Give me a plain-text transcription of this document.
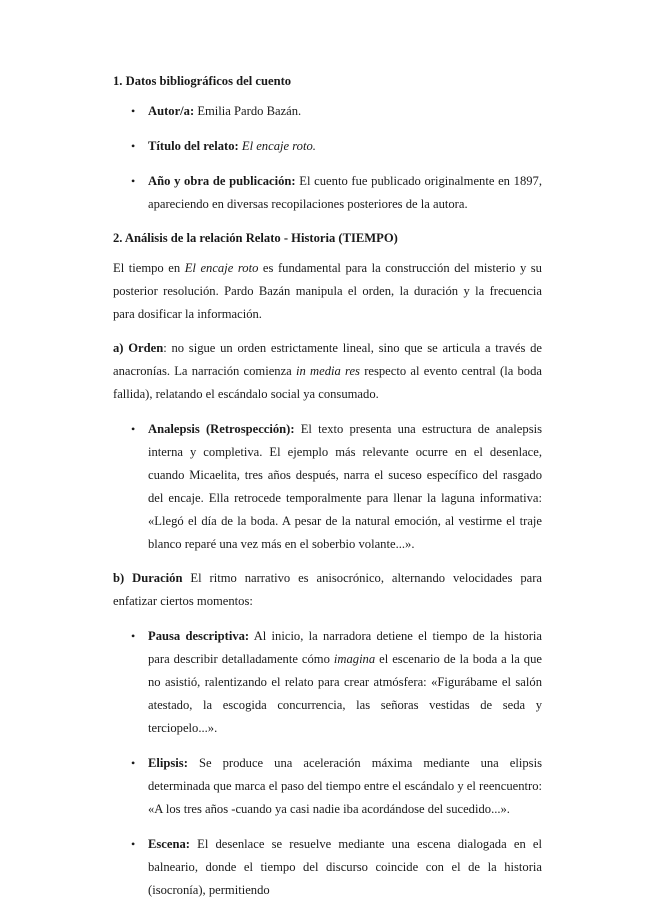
1. Datos bibliográficos del cuento
• Autor/a: Emilia Pardo Bazán.
• Título del relato: El encaje roto.
• Año y obra de publicación: El cuento fue publicado originalmente en 1897, apareciendo en diversas recopilaciones posteriores de la autora.
2. Análisis de la relación Relato - Historia (TIEMPO)

El tiempo en El encaje roto es fundamental para la construcción del misterio y su posterior resolución. Pardo Bazán manipula el orden, la duración y la frecuencia para dosificar la información.

a) Orden: no sigue un orden estrictamente lineal, sino que se articula a través de anacronías. La narración comienza in media res respecto al evento central (la boda fallida), relatando el escándalo social ya consumado.

• Analepsis (Retrospección): El texto presenta una estructura de analepsis interna y completiva. El ejemplo más relevante ocurre en el desenlace, cuando Micaelita, tres años después, narra el suceso específico del rasgado del encaje. Ella retrocede temporalmente para llenar la laguna informativa: «Llegó el día de la boda. A pesar de la natural emoción, al vestirme el traje blanco reparé una vez más en el soberbio volante...».

b) Duración El ritmo narrativo es anisocrónico, alternando velocidades para enfatizar ciertos momentos:

• Pausa descriptiva: Al inicio, la narradora detiene el tiempo de la historia para describir detalladamente cómo imagina el escenario de la boda a la que no asistió, ralentizando el relato para crear atmósfera: «Figurábame el salón atestado, la escogida concurrencia, las señoras vestidas de seda y terciopelo...».
• Elipsis: Se produce una aceleración máxima mediante una elipsis determinada que marca el paso del tiempo entre el escándalo y el reencuentro: «A los tres años -cuando ya casi nadie iba acordándose del sucedido...».
• Escena: El desenlace se resuelve mediante una escena dialogada en el balneario, donde el tiempo del discurso coincide con el de la historia (isocronía), permitiendo
